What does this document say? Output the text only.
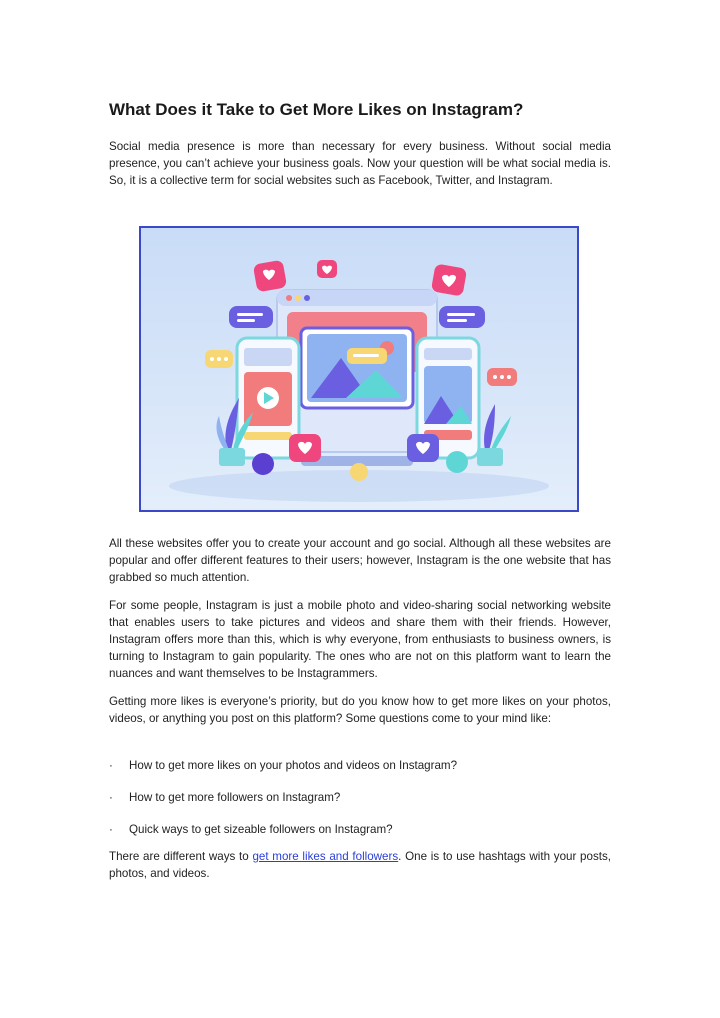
What Does it Take to Get More Likes on Instagram?

Social media presence is more than necessary for every business. Without social media presence, you can’t achieve your business goals. Now your question will be what social media is. So, it is a collective term for social websites such as Facebook, Twitter, and Instagram.

All these websites offer you to create your account and go social. Although all these websites are popular and offer different features to their users; however, Instagram is the one website that has grabbed so much attention.

For some people, Instagram is just a mobile photo and video-sharing social networking website that enables users to take pictures and videos and share them with their friends. However, Instagram offers more than this, which is why everyone, from enthusiasts to business owners, is turning to Instagram to gain popularity. The ones who are not on this platform want to learn the nuances and want themselves to be Instagrammers.

Getting more likes is everyone’s priority, but do you know how to get more likes on your photos, videos, or anything you post on this platform? Some questions come to your mind like:

· How to get more likes on your photos and videos on Instagram?
· How to get more followers on Instagram?
· Quick ways to get sizeable followers on Instagram?

There are different ways to get more likes and followers. One is to use hashtags with your posts, photos, and videos.
